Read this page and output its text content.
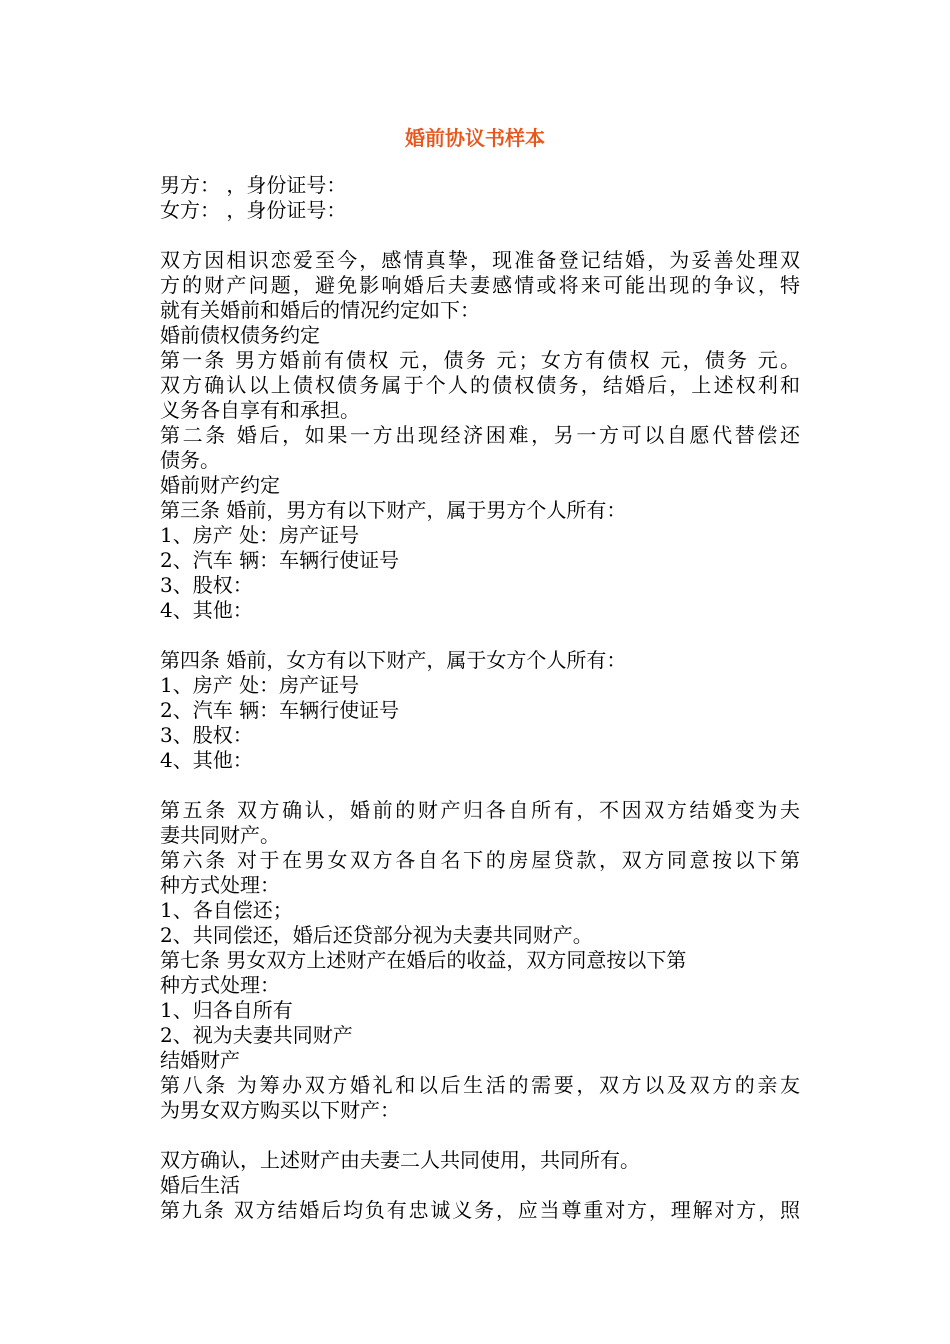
婚前协议书样本
男方： ，身份证号：
女方： ，身份证号：
双方因相识恋爱至今，感情真挚，现准备登记结婚，为妥善处理双
方的财产问题，避免影响婚后夫妻感情或将来可能出现的争议，特
就有关婚前和婚后的情况约定如下：
婚前债权债务约定
第一条 男方婚前有债权 元，债务 元；女方有债权 元，债务 元。
双方确认以上债权债务属于个人的债权债务，结婚后，上述权利和
义务各自享有和承担。
第二条 婚后，如果一方出现经济困难，另一方可以自愿代替偿还
债务。
婚前财产约定
第三条 婚前，男方有以下财产，属于男方个人所有：
1、房产 处：房产证号
2、汽车 辆：车辆行使证号
3、股权：
4、其他：
第四条 婚前，女方有以下财产，属于女方个人所有：
1、房产 处：房产证号
2、汽车 辆：车辆行使证号
3、股权：
4、其他：
第五条 双方确认，婚前的财产归各自所有，不因双方结婚变为夫
妻共同财产。
第六条 对于在男女双方各自名下的房屋贷款，双方同意按以下第
种方式处理：
1、各自偿还；
2、共同偿还，婚后还贷部分视为夫妻共同财产。
第七条 男女双方上述财产在婚后的收益，双方同意按以下第
种方式处理：
1、归各自所有
2、视为夫妻共同财产
结婚财产
第八条 为筹办双方婚礼和以后生活的需要，双方以及双方的亲友
为男女双方购买以下财产：
双方确认，上述财产由夫妻二人共同使用，共同所有。
婚后生活
第九条 双方结婚后均负有忠诚义务，应当尊重对方，理解对方，照
